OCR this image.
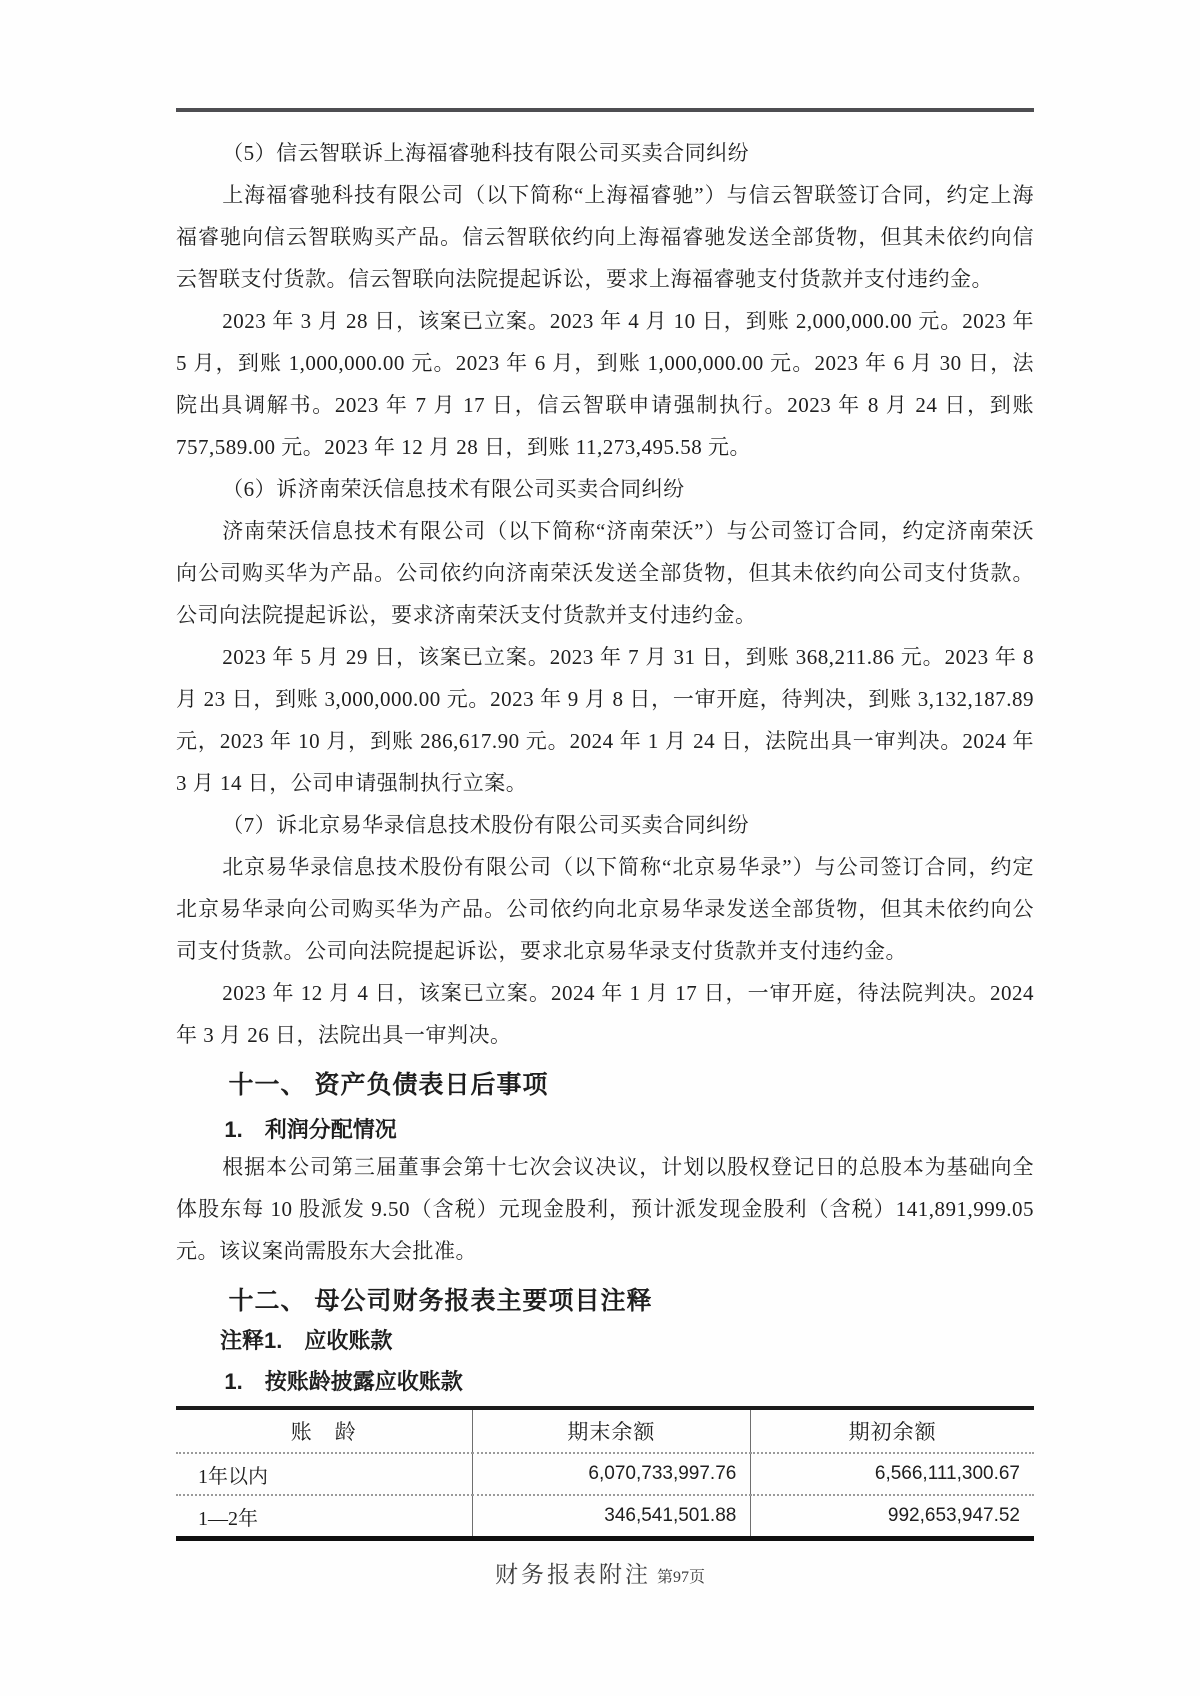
（5）信云智联诉上海福睿驰科技有限公司买卖合同纠纷

上海福睿驰科技有限公司（以下简称“上海福睿驰”）与信云智联签订合同，约定上海福睿驰向信云智联购买产品。信云智联依约向上海福睿驰发送全部货物，但其未依约向信云智联支付货款。信云智联向法院提起诉讼，要求上海福睿驰支付货款并支付违约金。

2023 年 3 月 28 日，该案已立案。2023 年 4 月 10 日，到账 2,000,000.00 元。2023 年 5 月，到账 1,000,000.00 元。2023 年 6 月，到账 1,000,000.00 元。2023 年 6 月 30 日，法院出具调解书。2023 年 7 月 17 日，信云智联申请强制执行。2023 年 8 月 24 日，到账 757,589.00 元。2023 年 12 月 28 日，到账 11,273,495.58 元。

（6）诉济南荣沃信息技术有限公司买卖合同纠纷

济南荣沃信息技术有限公司（以下简称“济南荣沃”）与公司签订合同，约定济南荣沃向公司购买华为产品。公司依约向济南荣沃发送全部货物，但其未依约向公司支付货款。公司向法院提起诉讼，要求济南荣沃支付货款并支付违约金。

2023 年 5 月 29 日，该案已立案。2023 年 7 月 31 日，到账 368,211.86 元。2023 年 8 月 23 日，到账 3,000,000.00 元。2023 年 9 月 8 日，一审开庭，待判决，到账 3,132,187.89 元，2023 年 10 月，到账 286,617.90 元。2024 年 1 月 24 日，法院出具一审判决。2024 年 3 月 14 日，公司申请强制执行立案。

（7）诉北京易华录信息技术股份有限公司买卖合同纠纷

北京易华录信息技术股份有限公司（以下简称“北京易华录”）与公司签订合同，约定北京易华录向公司购买华为产品。公司依约向北京易华录发送全部货物，但其未依约向公司支付货款。公司向法院提起诉讼，要求北京易华录支付货款并支付违约金。

2023 年 12 月 4 日，该案已立案。2024 年 1 月 17 日，一审开庭，待法院判决。2024 年 3 月 26 日，法院出具一审判决。

十一、 资产负债表日后事项
1.　利润分配情况

根据本公司第三届董事会第十七次会议决议，计划以股权登记日的总股本为基础向全体股东每 10 股派发 9.50（含税）元现金股利，预计派发现金股利（含税）141,891,999.05 元。该议案尚需股东大会批准。

十二、 母公司财务报表主要项目注释
注释1.　应收账款
1.　按账龄披露应收账款
账　龄	期末余额	期初余额
1年以内	6,070,733,997.76	6,566,111,300.67
1—2年	346,541,501.88	992,653,947.52
财务报表附注 第97页
